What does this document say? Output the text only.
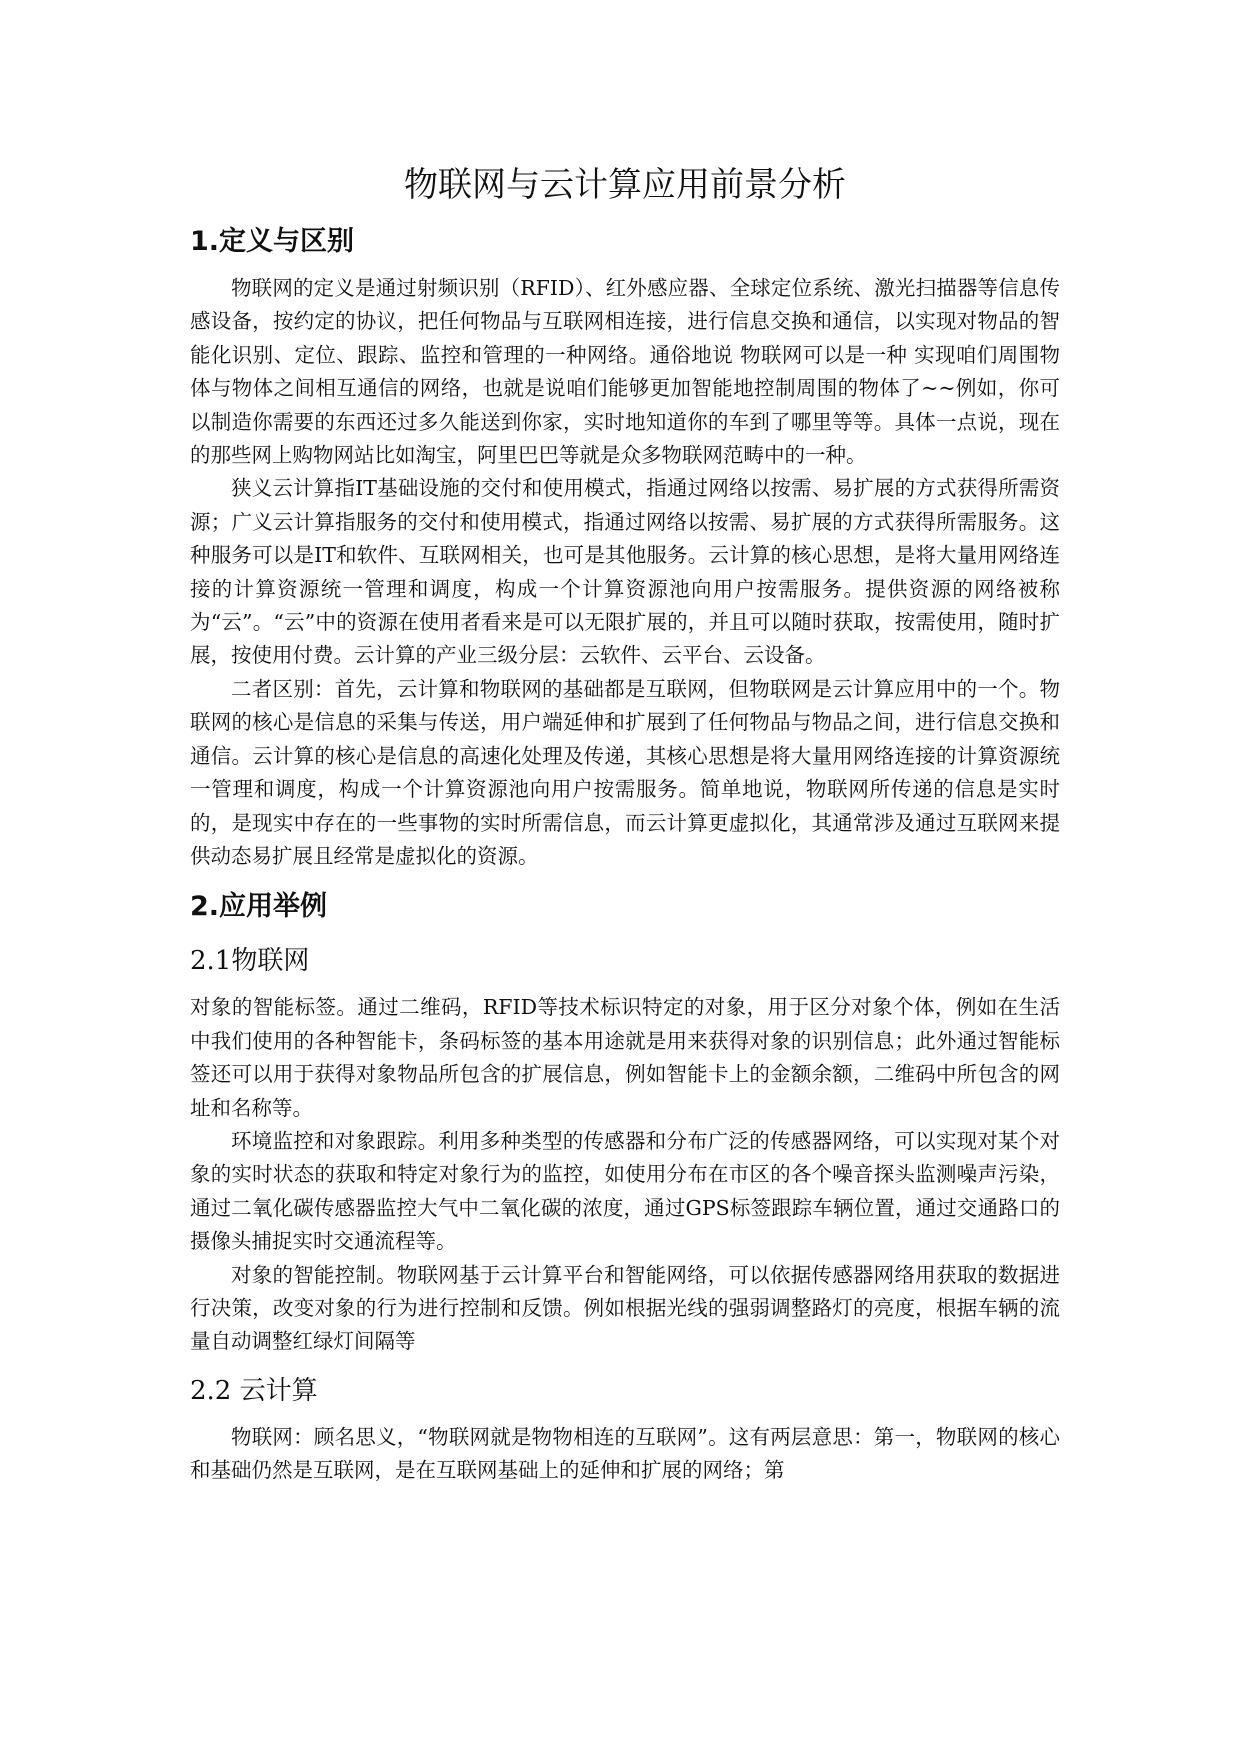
物联网与云计算应用前景分析
1.定义与区别

物联网的定义是通过射频识别（RFID）、红外感应器、全球定位系统、激光扫描器等信息传感设备，按约定的协议，把任何物品与互联网相连接，进行信息交换和通信，以实现对物品的智能化识别、定位、跟踪、监控和管理的一种网络。通俗地说 物联网可以是一种 实现咱们周围物体与物体之间相互通信的网络，也就是说咱们能够更加智能地控制周围的物体了~~例如，你可以制造你需要的东西还过多久能送到你家，实时地知道你的车到了哪里等等。具体一点说，现在的那些网上购物网站比如淘宝，阿里巴巴等就是众多物联网范畴中的一种。

狭义云计算指IT基础设施的交付和使用模式，指通过网络以按需、易扩展的方式获得所需资源；广义云计算指服务的交付和使用模式，指通过网络以按需、易扩展的方式获得所需服务。这种服务可以是IT和软件、互联网相关，也可是其他服务。云计算的核心思想，是将大量用网络连接的计算资源统一管理和调度，构成一个计算资源池向用户按需服务。提供资源的网络被称为“云”。“云”中的资源在使用者看来是可以无限扩展的，并且可以随时获取，按需使用，随时扩展，按使用付费。云计算的产业三级分层：云软件、云平台、云设备。

二者区别：首先，云计算和物联网的基础都是互联网，但物联网是云计算应用中的一个。物联网的核心是信息的采集与传送，用户端延伸和扩展到了任何物品与物品之间，进行信息交换和通信。云计算的核心是信息的高速化处理及传递，其核心思想是将大量用网络连接的计算资源统一管理和调度，构成一个计算资源池向用户按需服务。简单地说，物联网所传递的信息是实时的，是现实中存在的一些事物的实时所需信息，而云计算更虚拟化，其通常涉及通过互联网来提供动态易扩展且经常是虚拟化的资源。

2.应用举例
2.1物联网

对象的智能标签。通过二维码，RFID等技术标识特定的对象，用于区分对象个体，例如在生活中我们使用的各种智能卡，条码标签的基本用途就是用来获得对象的识别信息；此外通过智能标签还可以用于获得对象物品所包含的扩展信息，例如智能卡上的金额余额，二维码中所包含的网址和名称等。

环境监控和对象跟踪。利用多种类型的传感器和分布广泛的传感器网络，可以实现对某个对象的实时状态的获取和特定对象行为的监控，如使用分布在市区的各个噪音探头监测噪声污染，通过二氧化碳传感器监控大气中二氧化碳的浓度，通过GPS标签跟踪车辆位置，通过交通路口的摄像头捕捉实时交通流程等。

对象的智能控制。物联网基于云计算平台和智能网络，可以依据传感器网络用获取的数据进行决策，改变对象的行为进行控制和反馈。例如根据光线的强弱调整路灯的亮度，根据车辆的流量自动调整红绿灯间隔等

2.2 云计算

物联网：顾名思义，“物联网就是物物相连的互联网”。这有两层意思：第一，物联网的核心和基础仍然是互联网，是在互联网基础上的延伸和扩展的网络；第
